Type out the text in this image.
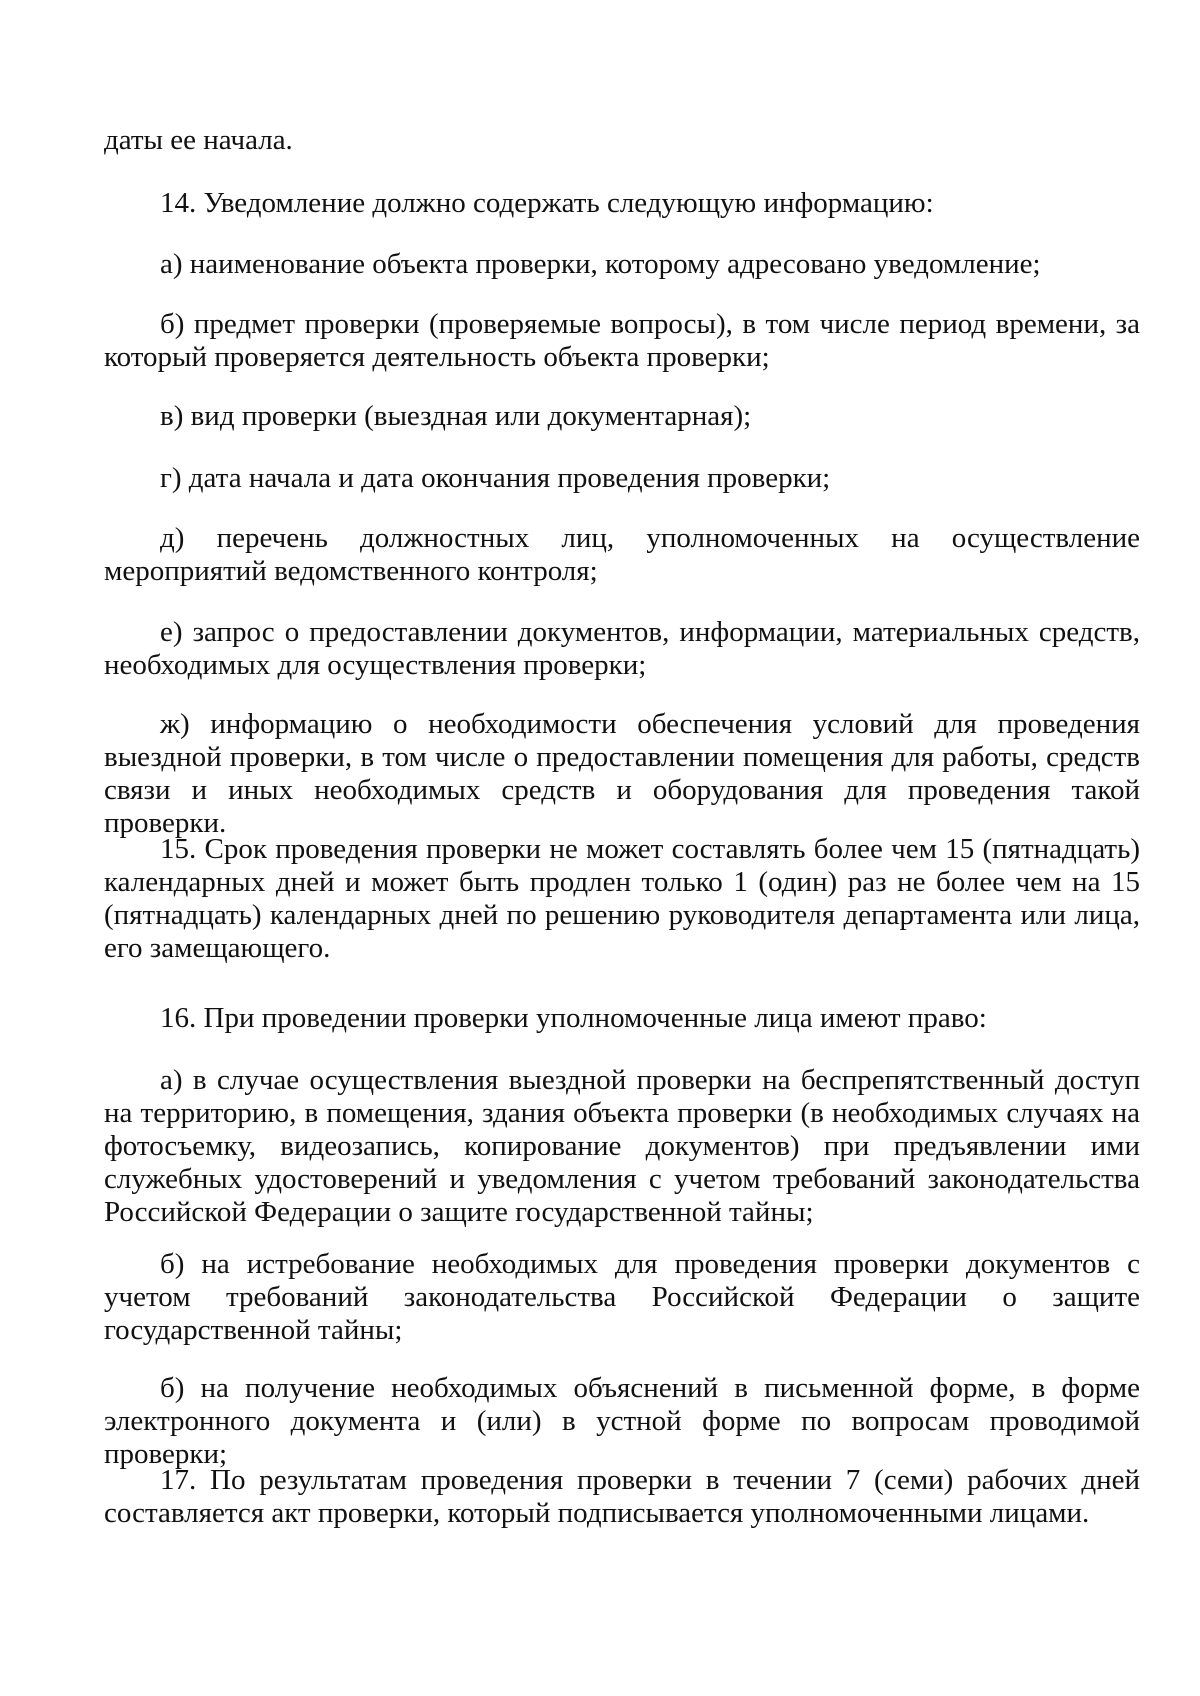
даты ее начала.

14. Уведомление должно содержать следующую информацию:

а) наименование объекта проверки, которому адресовано уведомление;

б) предмет проверки (проверяемые вопросы), в том числе период времени, за который проверяется деятельность объекта проверки;

в) вид проверки (выездная или документарная);

г) дата начала и дата окончания проведения проверки;

д) перечень должностных лиц, уполномоченных на осуществление мероприятий ведомственного контроля;

е) запрос о предоставлении документов, информации, материальных средств, необходимых для осуществления проверки;

ж) информацию о необходимости обеспечения условий для проведения выездной проверки, в том числе о предоставлении помещения для работы, средств связи и иных необходимых средств и оборудования для проведения такой проверки.

15. Срок проведения проверки не может составлять более чем 15 (пятнадцать) календарных дней и может быть продлен только 1 (один) раз не более чем на 15 (пятнадцать) календарных дней по решению руководителя департамента или лица, его замещающего.

16. При проведении проверки уполномоченные лица имеют право:

а) в случае осуществления выездной проверки на беспрепятственный доступ на территорию, в помещения, здания объекта проверки (в необходимых случаях на фотосъемку, видеозапись, копирование документов) при предъявлении ими служебных удостоверений и уведомления с учетом требований законодательства Российской Федерации о защите государственной тайны;

б) на истребование необходимых для проведения проверки документов с учетом требований законодательства Российской Федерации о защите государственной тайны;

б) на получение необходимых объяснений в письменной форме, в форме электронного документа и (или) в устной форме по вопросам проводимой проверки;

17. По результатам проведения проверки в течении 7 (семи) рабочих дней составляется акт проверки, который подписывается уполномоченными лицами.
